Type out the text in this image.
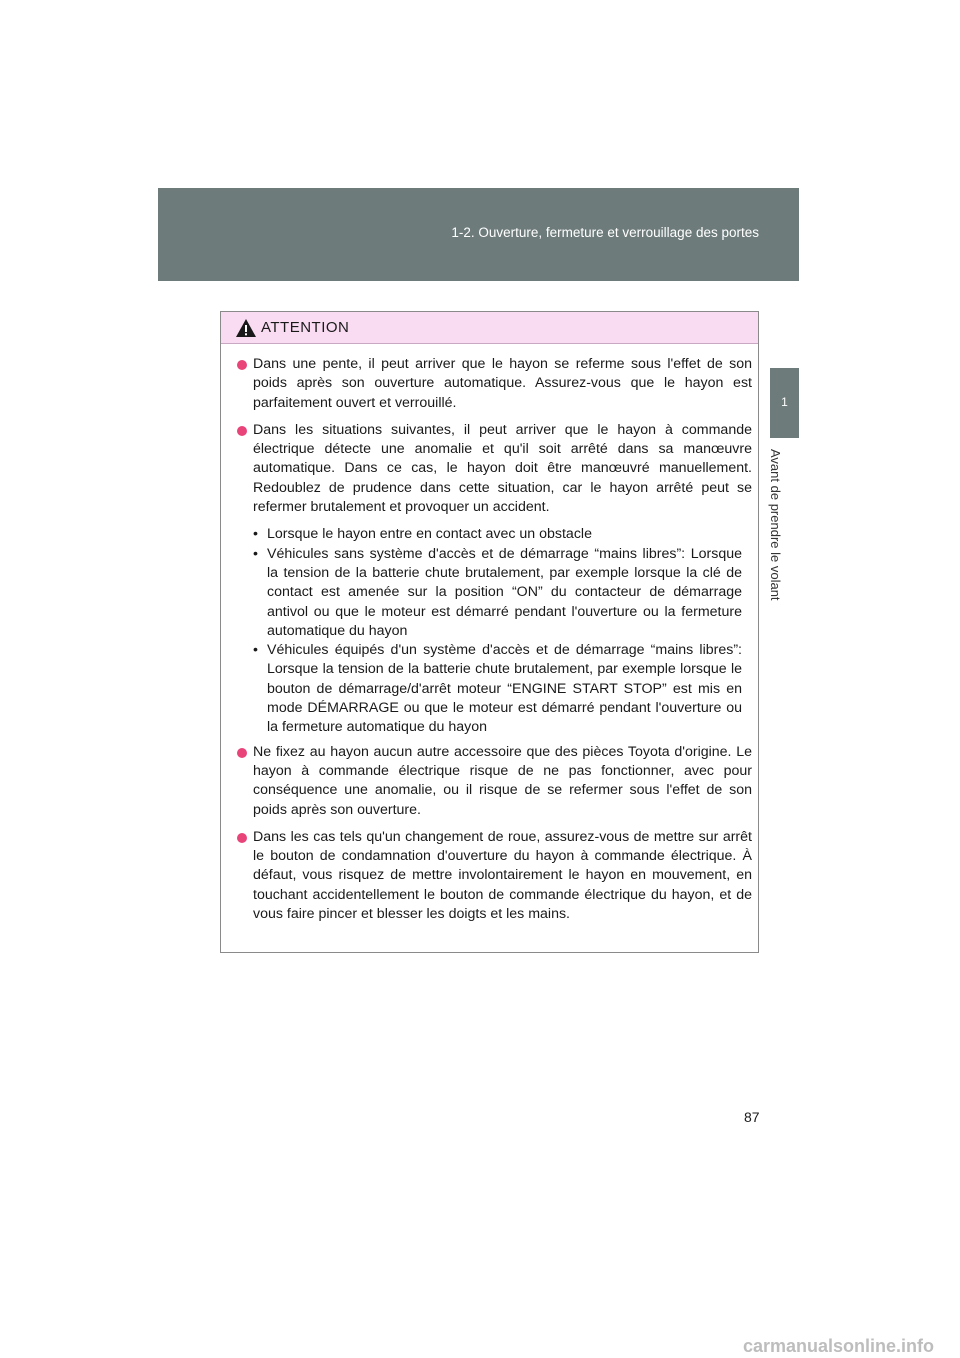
1-2. Ouverture, fermeture et verrouillage des portes
1
Avant de prendre le volant
ATTENTION
Dans une pente, il peut arriver que le hayon se referme sous l'effet de son poids après son ouverture automatique. Assurez-vous que le hayon est parfaitement ouvert et verrouillé.
Dans les situations suivantes, il peut arriver que le hayon à commande électrique détecte une anomalie et qu'il soit arrêté dans sa manœuvre automatique. Dans ce cas, le hayon doit être manœuvré manuellement. Redoublez de prudence dans cette situation, car le hayon arrêté peut se refermer brutalement et provoquer un accident.
• Lorsque le hayon entre en contact avec un obstacle
• Véhicules sans système d'accès et de démarrage “mains libres”: Lorsque la tension de la batterie chute brutalement, par exemple lorsque la clé de contact est amenée sur la position “ON” du contacteur de démarrage antivol ou que le moteur est démarré pendant l'ouverture ou la fermeture automatique du hayon
• Véhicules équipés d'un système d'accès et de démarrage “mains libres”: Lorsque la tension de la batterie chute brutalement, par exemple lorsque le bouton de démarrage/d'arrêt moteur “ENGINE START STOP” est mis en mode DÉMARRAGE ou que le moteur est démarré pendant l'ouverture ou la fermeture automatique du hayon
Ne fixez au hayon aucun autre accessoire que des pièces Toyota d'origine. Le hayon à commande électrique risque de ne pas fonctionner, avec pour conséquence une anomalie, ou il risque de se refermer sous l'effet de son poids après son ouverture.
Dans les cas tels qu'un changement de roue, assurez-vous de mettre sur arrêt le bouton de condamnation d'ouverture du hayon à commande électrique. À défaut, vous risquez de mettre involontairement le hayon en mouvement, en touchant accidentellement le bouton de commande électrique du hayon, et de vous faire pincer et blesser les doigts et les mains.
87
carmanualsonline.info
